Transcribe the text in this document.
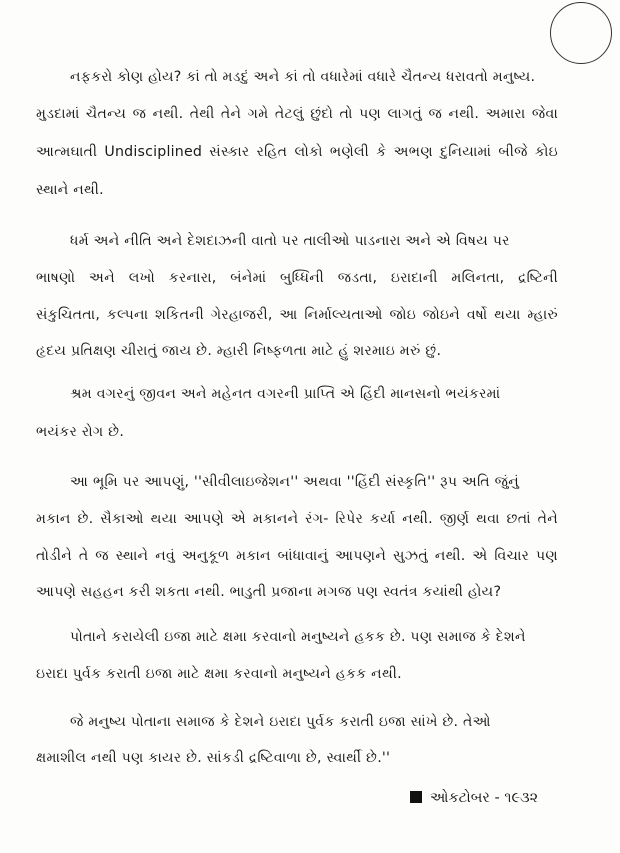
નફકરો કોણ હોય? કાં તો મડદું અને કાં તો વધારેમાં વધારે ચૈતન્ય ધરાવતો મનુષ્ય.
મુડદામાં ચૈતન્ય જ નથી. તેથી તેને ગમે તેટલું છુંદો તો પણ લાગતું જ નથી. અમારા જેવા
આત્મઘાતી Undisciplined સંસ્કાર રહિત લોકો ભણેલી કે અભણ દુનિયામાં બીજે કોઇ
સ્થાને નથી.
ધર્મ અને નીતિ અને દેશદાઝની વાતો પર તાલીઓ પાડનારા અને એ વિષય પર
ભાષણો અને લખો કરનારા, બંનેમાં બુધ્ધિની જડતા, ઇરાદાની મલિનતા, દ્રષ્ટિની
સંકુચિતતા, કલ્પના શકિતની ગેરહાજરી, આ નિર્માલ્યતાઓ જોઇ જોઇને વર્ષો થયા મ્હારું
હૃદય પ્રતિક્ષણ ચીરાતું જાય છે. મ્હારી નિષ્ફળતા માટે હું શરમાઇ મરું છું.
શ્રમ વગરનું જીવન અને મહેનત વગરની પ્રાપ્તિ એ હિંદી માનસનો ભયંકરમાં
ભયંકર રોગ છે.
આ ભૂમિ પર આપણું, ''સીવીલાઇજેશન'' અથવા ''હિંદી સંસ્કૃતિ'' રૂપ અતિ જુંનું
મકાન છે. સૈકાઓ થયા આપણે એ મકાનને રંગ- રિપેર કર્યા નથી. જીર્ણ થવા છતાં તેને
તોડીને તે જ સ્થાને નવું અનુકૂળ મકાન બાંધાવાનું આપણને સુઝતું નથી. એ વિચાર પણ
આપણે સહહન કરી શકતા નથી. ભાડુતી પ્રજાના મગજ પણ સ્વતંત્ર કયાંથી હોય?
પોતાને કરાયેલી ઇજા માટે ક્ષમા કરવાનો મનુષ્યને હકક છે. પણ સમાજ કે દેશને
ઇરાદા પુર્વક કરાતી ઇજા માટે ક્ષમા કરવાનો મનુષ્યને હકક નથી.
જે મનુષ્ય પોતાના સમાજ કે દેશને ઇરાદા પુર્વક કરાતી ઇજા સાંખે છે. તેઓ
ક્ષમાશીલ નથી પણ કાયર છે. સાંકડી દ્રષ્ટિવાળા છે, સ્વાર્થી છે.''
ઓકટોબર - ૧૯૩૨
